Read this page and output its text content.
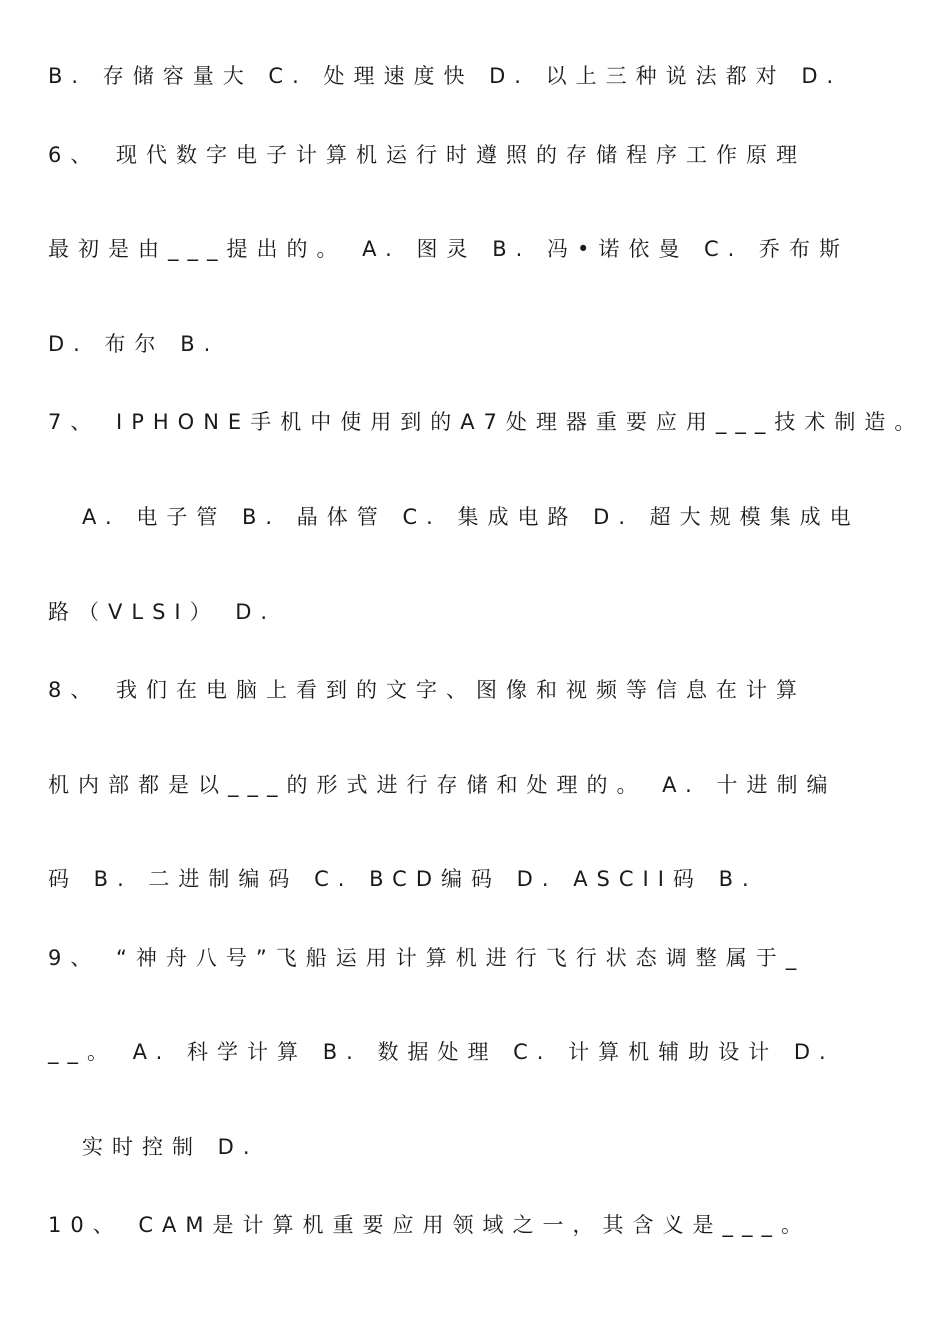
B. 存储容量大 C. 处理速度快 D. 以上三种说法都对 D.
6、 现代数字电子计算机运行时遵照的存储程序工作原理
最初是由___提出的。 A. 图灵 B. 冯•诺依曼 C. 乔布斯
D. 布尔 B.
7、 IPHONE手机中使用到的A7处理器重要应用___技术制造。
A. 电子管 B. 晶体管 C. 集成电路 D. 超大规模集成电
路（VLSI） D.
8、 我们在电脑上看到的文字、图像和视频等信息在计算
机内部都是以___的形式进行存储和处理的。 A. 十进制编
码 B. 二进制编码 C. BCD编码 D. ASCII码 B.
9、 “神舟八号”飞船运用计算机进行飞行状态调整属于_
__。 A. 科学计算 B. 数据处理 C. 计算机辅助设计 D.
实时控制 D.
10、 CAM是计算机重要应用领域之一，其含义是___。
